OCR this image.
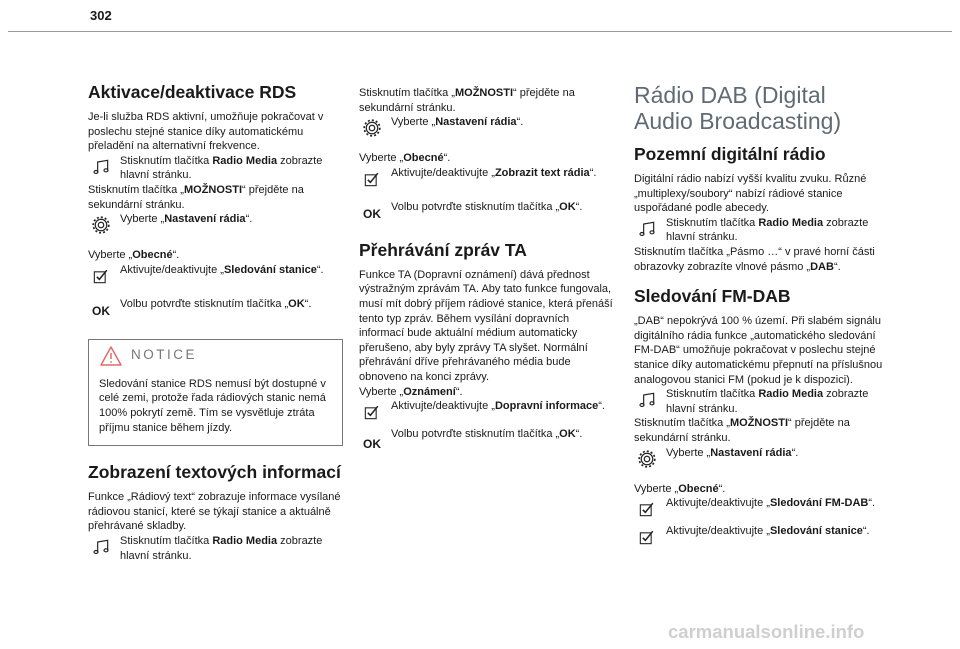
302
Aktivace/deaktivace RDS

Je-li služba RDS aktivní, umožňuje pokračovat v poslechu stejné stanice díky automatickému přeladění na alternativní frekvence.

Stisknutím tlačítka Radio Media zobrazte hlavní stránku.

Stisknutím tlačítka „MOŽNOSTI“ přejděte na sekundární stránku.

Vyberte „Nastavení rádia“.

Vyberte „Obecné“.

Aktivujte/deaktivujte „Sledování stanice“.
OK
Volbu potvrďte stisknutím tlačítka „OK“.
NOTICE

Sledování stanice RDS nemusí být dostupné v celé zemi, protože řada rádiových stanic nemá 100% pokrytí země. Tím se vysvětluje ztráta příjmu stanice během jízdy.

Zobrazení textových informací

Funkce „Rádiový text“ zobrazuje informace vysílané rádiovou stanicí, které se týkají stanice a aktuálně přehrávané skladby.

Stisknutím tlačítka Radio Media zobrazte hlavní stránku.

Stisknutím tlačítka „MOŽNOSTI“ přejděte na sekundární stránku.

Vyberte „Nastavení rádia“.

Vyberte „Obecné“.

Aktivujte/deaktivujte „Zobrazit text rádia“.
OK
Volbu potvrďte stisknutím tlačítka „OK“.
Přehrávání zpráv TA

Funkce TA (Dopravní oznámení) dává přednost výstražným zprávám TA. Aby tato funkce fungovala, musí mít dobrý příjem rádiové stanice, která přenáší tento typ zpráv. Během vysílání dopravních informací bude aktuální médium automaticky přerušeno, aby byly zprávy TA slyšet. Normální přehrávání dříve přehrávaného média bude obnoveno na konci zprávy.

Vyberte „Oznámení“.

Aktivujte/deaktivujte „Dopravní informace“.
OK
Volbu potvrďte stisknutím tlačítka „OK“.
Rádio DAB (Digital Audio Broadcasting)
Pozemní digitální rádio

Digitální rádio nabízí vyšší kvalitu zvuku. Různé „multiplexy/soubory“ nabízí rádiové stanice uspořádané podle abecedy.

Stisknutím tlačítka Radio Media zobrazte hlavní stránku.

Stisknutím tlačítka „Pásmo …“ v pravé horní části obrazovky zobrazíte vlnové pásmo „DAB“.

Sledování FM-DAB

„DAB“ nepokrývá 100 % území. Při slabém signálu digitálního rádia funkce „automatického sledování FM-DAB“ umožňuje pokračovat v poslechu stejné stanice díky automatickému přepnutí na příslušnou analogovou stanici FM (pokud je k dispozici).

Stisknutím tlačítka Radio Media zobrazte hlavní stránku.

Stisknutím tlačítka „MOŽNOSTI“ přejděte na sekundární stránku.

Vyberte „Nastavení rádia“.

Vyberte „Obecné“.

Aktivujte/deaktivujte „Sledování FM-DAB“.
Aktivujte/deaktivujte „Sledování stanice“.
carmanualsonline.info
